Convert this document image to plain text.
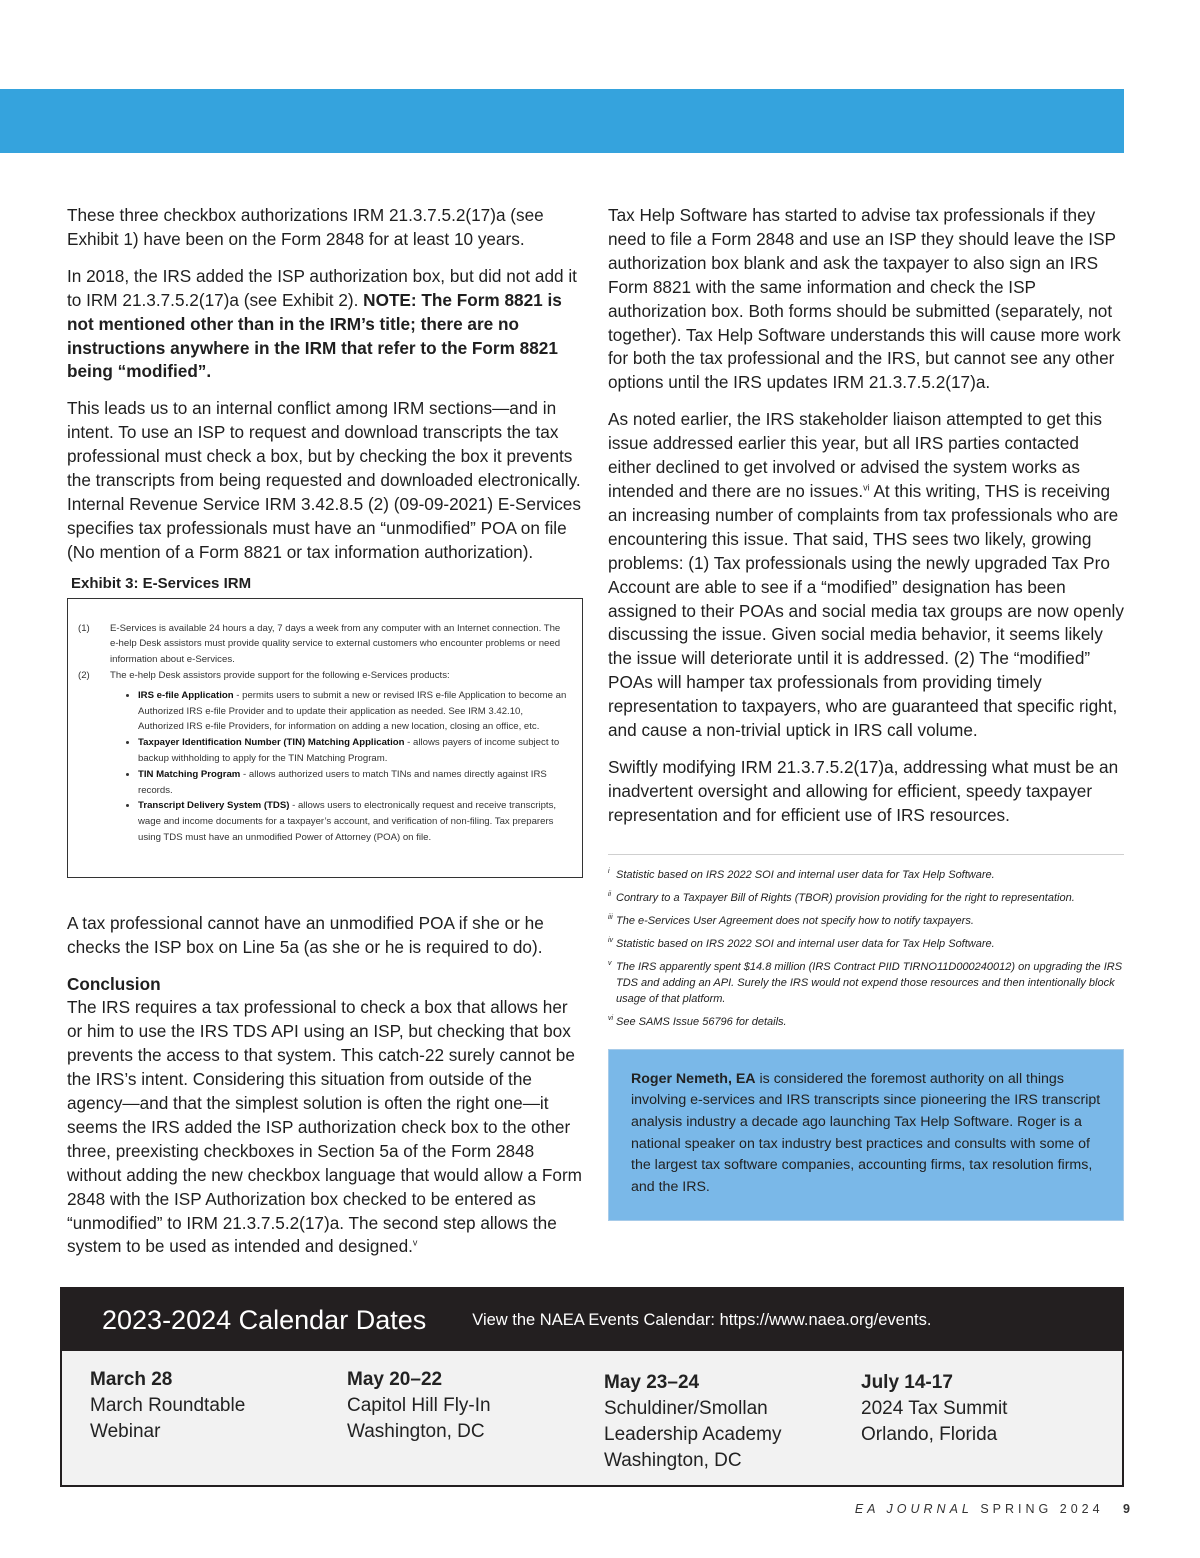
These three checkbox authorizations IRM 21.3.7.5.2(17)a (see Exhibit 1) have been on the Form 2848 for at least 10 years.

In 2018, the IRS added the ISP authorization box, but did not add it to IRM 21.3.7.5.2(17)a (see Exhibit 2). NOTE: The Form 8821 is not mentioned other than in the IRM’s title; there are no instructions anywhere in the IRM that refer to the Form 8821 being “modified”.

This leads us to an internal conflict among IRM sections—and in intent. To use an ISP to request and download transcripts the tax professional must check a box, but by checking the box it prevents the transcripts from being requested and downloaded electronically. Internal Revenue Service IRM 3.42.8.5 (2) (09-09-2021) E-Services specifies tax professionals must have an “unmodified” POA on file (No mention of a Form 8821 or tax information authorization).

Exhibit 3: E-Services IRM
(1)	E-Services is available 24 hours a day, 7 days a week from any computer with an Internet connection. The e-help Desk assistors must provide quality service to external customers who encounter problems or need information about e-Services.
(2)	The e-help Desk assistors provide support for the following e-Services products:
• IRS e-file Application - permits users to submit a new or revised IRS e-file Application to become an Authorized IRS e-file Provider and to update their application as needed. See IRM 3.42.10, Authorized IRS e-file Providers, for information on adding a new location, closing an office, etc.
• Taxpayer Identification Number (TIN) Matching Application - allows payers of income subject to backup withholding to apply for the TIN Matching Program.
• TIN Matching Program - allows authorized users to match TINs and names directly against IRS records.
• Transcript Delivery System (TDS) - allows users to electronically request and receive transcripts, wage and income documents for a taxpayer’s account, and verification of non-filing. Tax preparers using TDS must have an unmodified Power of Attorney (POA) on file.

A tax professional cannot have an unmodified POA if she or he checks the ISP box on Line 5a (as she or he is required to do).

Conclusion

The IRS requires a tax professional to check a box that allows her or him to use the IRS TDS API using an ISP, but checking that box prevents the access to that system. This catch-22 surely cannot be the IRS’s intent. Considering this situation from outside of the agency—and that the simplest solution is often the right one—it seems the IRS added the ISP authorization check box to the other three, preexisting checkboxes in Section 5a of the Form 2848 without adding the new checkbox language that would allow a Form 2848 with the ISP Authorization box checked to be entered as “unmodified” to IRM 21.3.7.5.2(17)a. The second step allows the system to be used as intended and designed.$^v$

Tax Help Software has started to advise tax professionals if they need to file a Form 2848 and use an ISP they should leave the ISP authorization box blank and ask the taxpayer to also sign an IRS Form 8821 with the same information and check the ISP authorization box. Both forms should be submitted (separately, not together). Tax Help Software understands this will cause more work for both the tax professional and the IRS, but cannot see any other options until the IRS updates IRM 21.3.7.5.2(17)a.

As noted earlier, the IRS stakeholder liaison attempted to get this issue addressed earlier this year, but all IRS parties contacted either declined to get involved or advised the system works as intended and there are no issues.$^{vi}$ At this writing, THS is receiving an increasing number of complaints from tax professionals who are encountering this issue. That said, THS sees two likely, growing problems: (1) Tax professionals using the newly upgraded Tax Pro Account are able to see if a “modified” designation has been assigned to their POAs and social media tax groups are now openly discussing the issue. Given social media behavior, it seems likely the issue will deteriorate until it is addressed. (2) The “modified” POAs will hamper tax professionals from providing timely representation to taxpayers, who are guaranteed that specific right, and cause a non-trivial uptick in IRS call volume.

Swiftly modifying IRM 21.3.7.5.2(17)a, addressing what must be an inadvertent oversight and allowing for efficient, speedy taxpayer representation and for efficient use of IRS resources.

i Statistic based on IRS 2022 SOI and internal user data for Tax Help Software.
ii Contrary to a Taxpayer Bill of Rights (TBOR) provision providing for the right to representation.
iii The e-Services User Agreement does not specify how to notify taxpayers.
iv Statistic based on IRS 2022 SOI and internal user data for Tax Help Software.
v The IRS apparently spent $14.8 million (IRS Contract PIID TIRNO11D000240012) on upgrading the IRS TDS and adding an API. Surely the IRS would not expend those resources and then intentionally block usage of that platform.
vi See SAMS Issue 56796 for details.
Roger Nemeth, EA is considered the foremost authority on all things involving e-services and IRS transcripts since pioneering the IRS transcript analysis industry a decade ago launching Tax Help Software. Roger is a national speaker on tax industry best practices and consults with some of the largest tax software companies, accounting firms, tax resolution firms, and the IRS.
2023-2024 Calendar Dates	View the NAEA Events Calendar: https://www.naea.org/events.
March 28
March Roundtable
Webinar
May 20–22
Capitol Hill Fly-In
Washington, DC
May 23–24
Schuldiner/Smollan
Leadership Academy
Washington, DC
July 14-17
2024 Tax Summit
Orlando, Florida
EA JOURNAL SPRING 2024 9
